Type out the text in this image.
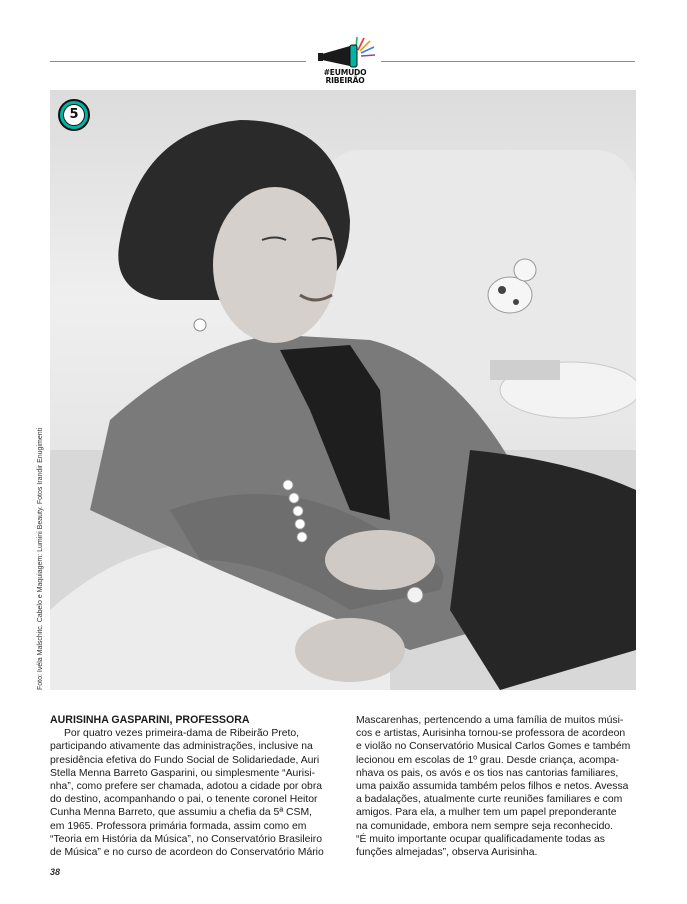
#EUMUDO
RIBEIRÃO
5
Foto: Ivéla Malschitc. Cabelo e Maquiagem: Lumini Beauty. Fotos Irandir Enugimenti
AURISINHA GASPARINI, PROFESSORA

Por quatro vezes primeira-dama de Ribeirão Preto,
participando ativamente das administrações, inclusive na
presidência efetiva do Fundo Social de Solidariedade, Auri
Stella Menna Barreto Gasparini, ou simplesmente “Aurisi-
nha”, como prefere ser chamada, adotou a cidade por obra
do destino, acompanhando o pai, o tenente coronel Heitor
Cunha Menna Barreto, que assumiu a chefia da 5ª CSM,
em 1965. Professora primária formada, assim como em
“Teoria em História da Música”, no Conservatório Brasileiro
de Música” e no curso de acordeon do Conservatório Mário

Mascarenhas, pertencendo a uma família de muitos músi-
cos e artistas, Aurisinha tornou-se professora de acordeon
e violão no Conservatório Musical Carlos Gomes e também
lecionou em escolas de 1º grau. Desde criança, acompa-
nhava os pais, os avós e os tios nas cantorias familiares,
uma paixão assumida também pelos filhos e netos. Avessa
a badalações, atualmente curte reuniões familiares e com
amigos. Para ela, a mulher tem um papel preponderante
na comunidade, embora nem sempre seja reconhecido.
“É muito importante ocupar qualificadamente todas as
funções almejadas”, observa Aurisinha.

38
